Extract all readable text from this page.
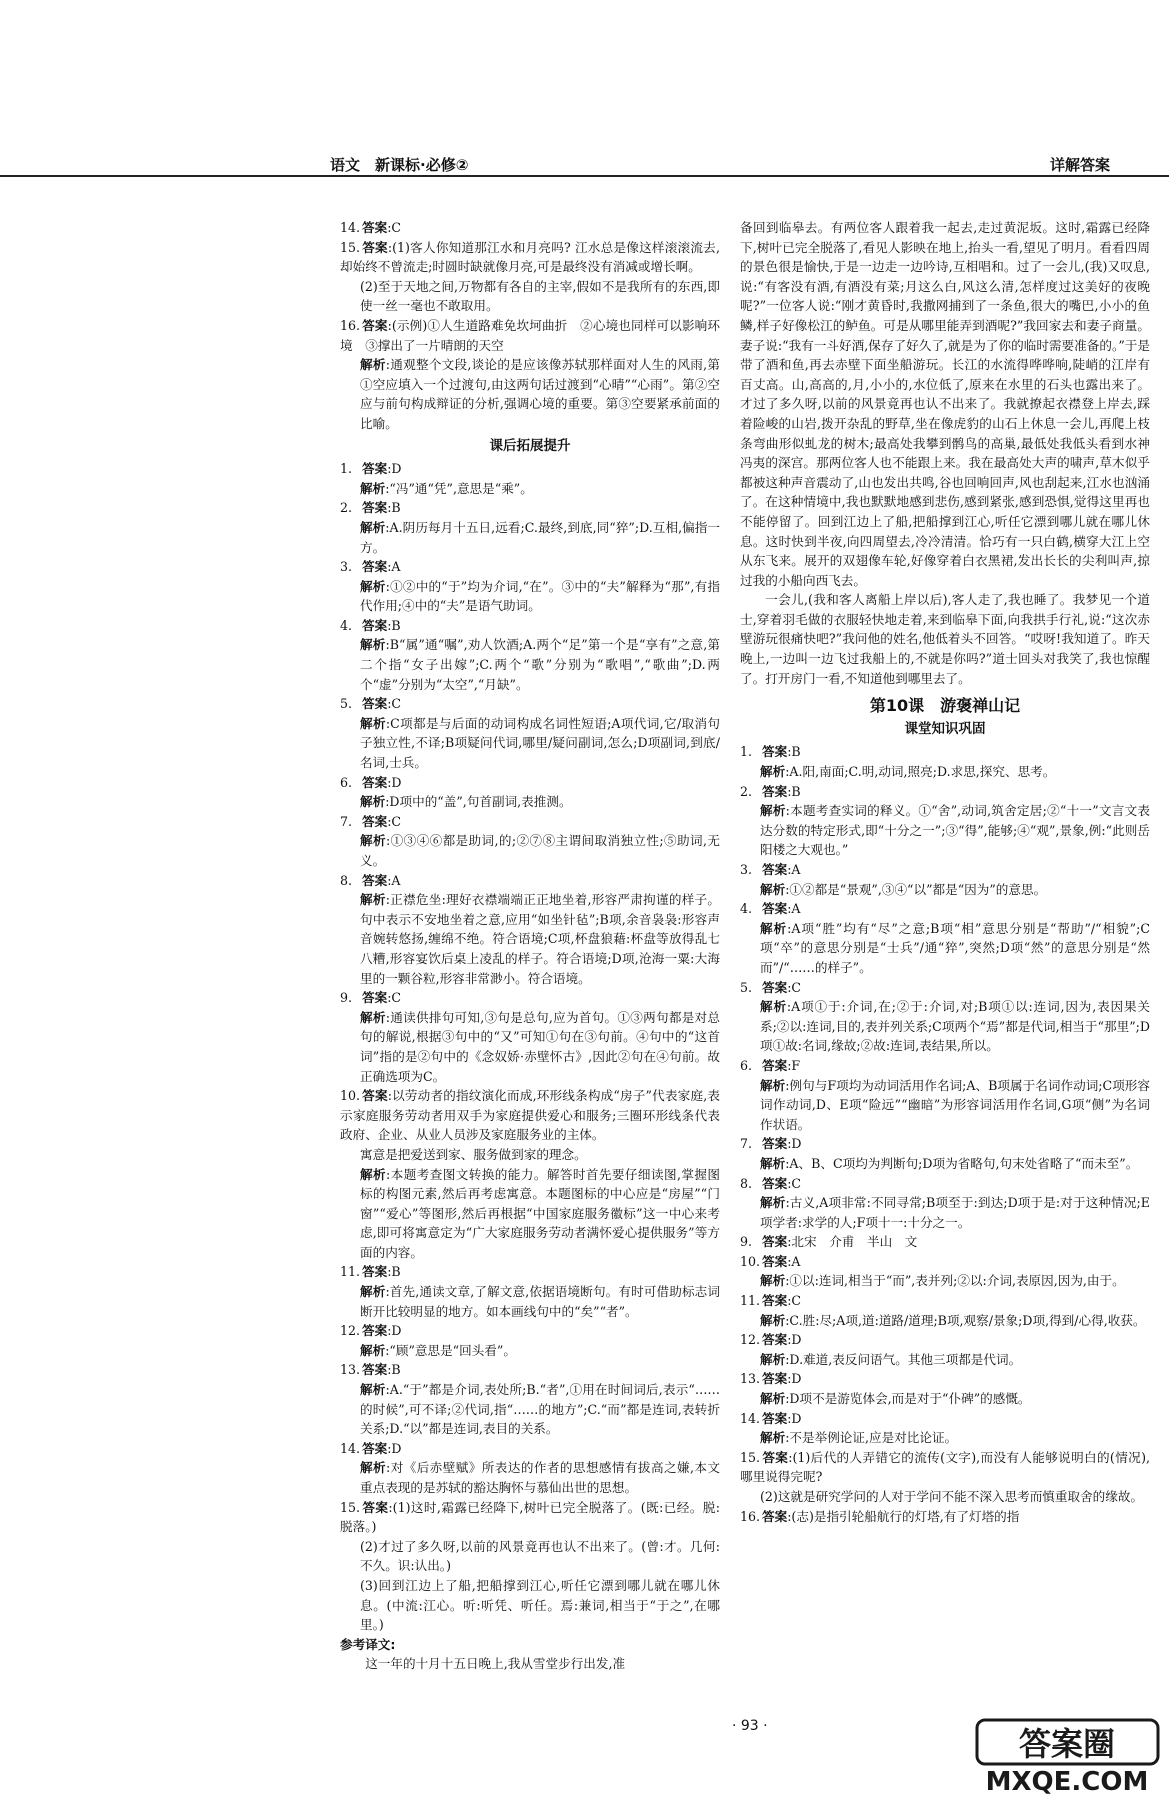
语文　新课标·必修②	详解答案

14. 答案:C

15. 答案:(1)客人你知道那江水和月亮吗? 江水总是像这样滚滚流去,却始终不曾流走;时圆时缺就像月亮,可是最终没有消减或增长啊。

(2)至于天地之间,万物都有各自的主宰,假如不是我所有的东西,即使一丝一毫也不敢取用。

16. 答案:(示例)①人生道路难免坎坷曲折　②心境也同样可以影响环境　③撑出了一片晴朗的天空

解析:通观整个文段,谈论的是应该像苏轼那样面对人生的风雨,第①空应填入一个过渡句,由这两句话过渡到“心晴”“心雨”。第②空应与前句构成辩证的分析,强调心境的重要。第③空要紧承前面的比喻。

课后拓展提升

1. 答案:D

解析:“冯”通“凭”,意思是“乘”。

2. 答案:B

解析:A.阴历每月十五日,远看;C.最终,到底,同“猝”;D.互相,偏指一方。

3. 答案:A

解析:①②中的“于”均为介词,“在”。③中的“夫”解释为“那”,有指代作用;④中的“夫”是语气助词。

4. 答案:B

解析:B“属”通“嘱”,劝人饮酒;A.两个“足”第一个是“享有”之意,第二个指“女子出嫁”;C.两个“歌”分别为“歌唱”,“歌曲”;D.两个“虚”分别为“太空”,“月缺”。

5. 答案:C

解析:C项都是与后面的动词构成名词性短语;A项代词,它/取消句子独立性,不译;B项疑问代词,哪里/疑问副词,怎么;D项副词,到底/名词,士兵。

6. 答案:D

解析:D项中的“盖”,句首副词,表推测。

7. 答案:C

解析:①③④⑥都是助词,的;②⑦⑧主谓间取消独立性;⑤助词,无义。

8. 答案:A

解析:正襟危坐:理好衣襟端端正正地坐着,形容严肃拘谨的样子。句中表示不安地坐着之意,应用“如坐针毡”;B项,余音袅袅:形容声音婉转悠扬,缠绵不绝。符合语境;C项,杯盘狼藉:杯盘等放得乱七八糟,形容宴饮后桌上凌乱的样子。符合语境;D项,沧海一粟:大海里的一颗谷粒,形容非常渺小。符合语境。

9. 答案:C

解析:通读供排句可知,③句是总句,应为首句。①③两句都是对总句的解说,根据③句中的“又”可知①句在③句前。④句中的“这首词”指的是②句中的《念奴娇·赤壁怀古》,因此②句在④句前。故正确选项为C。

10. 答案:以劳动者的指纹演化而成,环形线条构成“房子”代表家庭,表示家庭服务劳动者用双手为家庭提供爱心和服务;三圈环形线条代表政府、企业、从业人员涉及家庭服务业的主体。

寓意是把爱送到家、服务做到家的理念。

解析:本题考查图文转换的能力。解答时首先要仔细读图,掌握图标的构图元素,然后再考虑寓意。本题图标的中心应是“房屋”“门窗”“爱心”等图形,然后再根据“中国家庭服务徽标”这一中心来考虑,即可将寓意定为“广大家庭服务劳动者满怀爱心提供服务”等方面的内容。

11. 答案:B

解析:首先,通读文章,了解文意,依据语境断句。有时可借助标志词断开比较明显的地方。如本画线句中的“矣”“者”。

12. 答案:D

解析:“顾”意思是“回头看”。

13. 答案:B

解析:A.“于”都是介词,表处所;B.“者”,①用在时间词后,表示“……的时候”,可不译;②代词,指“……的地方”;C.“而”都是连词,表转折关系;D.“以”都是连词,表目的关系。

14. 答案:D

解析:对《后赤壁赋》所表达的作者的思想感情有拔高之嫌,本文重点表现的是苏轼的豁达胸怀与慕仙出世的思想。

15. 答案:(1)这时,霜露已经降下,树叶已完全脱落了。(既:已经。脱:脱落。)

(2)才过了多久呀,以前的风景竟再也认不出来了。(曾:才。几何:不久。识:认出。)

(3)回到江边上了船,把船撑到江心,听任它漂到哪儿就在哪儿休息。(中流:江心。听:听凭、听任。焉:兼词,相当于“于之”,在哪里。)

参考译文:

这一年的十月十五日晚上,我从雪堂步行出发,准

备回到临皋去。有两位客人跟着我一起去,走过黄泥坂。这时,霜露已经降下,树叶已完全脱落了,看见人影映在地上,抬头一看,望见了明月。看看四周的景色很是愉快,于是一边走一边吟诗,互相唱和。过了一会儿,(我)又叹息,说:“有客没有酒,有酒没有菜;月这么白,风这么清,怎样度过这美好的夜晚呢?”一位客人说:“刚才黄昏时,我撒网捕到了一条鱼,很大的嘴巴,小小的鱼鳞,样子好像松江的鲈鱼。可是从哪里能弄到酒呢?”我回家去和妻子商量。妻子说:“我有一斗好酒,保存了好久了,就是为了你的临时需要准备的。”于是带了酒和鱼,再去赤壁下面坐船游玩。长江的水流得哗哗响,陡峭的江岸有百丈高。山,高高的,月,小小的,水位低了,原来在水里的石头也露出来了。才过了多久呀,以前的风景竟再也认不出来了。我就撩起衣襟登上岸去,踩着险峻的山岩,拨开杂乱的野草,坐在像虎豹的山石上休息一会儿,再爬上枝条弯曲形似虬龙的树木;最高处我攀到鹘鸟的高巢,最低处我低头看到水神冯夷的深宫。那两位客人也不能跟上来。我在最高处大声的啸声,草木似乎都被这种声音震动了,山也发出共鸣,谷也回响回声,风也刮起来,江水也汹涌了。在这种情境中,我也默默地感到悲伤,感到紧张,感到恐惧,觉得这里再也不能停留了。回到江边上了船,把船撑到江心,听任它漂到哪儿就在哪儿休息。这时快到半夜,向四周望去,冷冷清清。恰巧有一只白鹤,横穿大江上空从东飞来。展开的双翅像车轮,好像穿着白衣黑裙,发出长长的尖利叫声,掠过我的小船向西飞去。

一会儿,(我和客人离船上岸以后),客人走了,我也睡了。我梦见一个道士,穿着羽毛做的衣服轻快地走着,来到临皋下面,向我拱手行礼,说:“这次赤壁游玩很痛快吧?”我问他的姓名,他低着头不回答。“哎呀!我知道了。昨天晚上,一边叫一边飞过我船上的,不就是你吗?”道士回头对我笑了,我也惊醒了。打开房门一看,不知道他到哪里去了。

第10课　游褒禅山记
课堂知识巩固

1. 答案:B

解析:A.阳,南面;C.明,动词,照亮;D.求思,探究、思考。

2. 答案:B

解析:本题考查实词的释义。①“舍”,动词,筑舍定居;②“十一”文言文表达分数的特定形式,即“十分之一”;③“得”,能够;④“观”,景象,例:“此则岳阳楼之大观也。”

3. 答案:A

解析:①②都是“景观”,③④“以”都是“因为”的意思。

4. 答案:A

解析:A项“胜”均有“尽”之意;B项“相”意思分别是“帮助”/“相貌”;C项“卒”的意思分别是“士兵”/通“猝”,突然;D项“然”的意思分别是“然而”/“……的样子”。

5. 答案:C

解析:A项①于:介词,在;②于:介词,对;B项①以:连词,因为,表因果关系;②以:连词,目的,表并列关系;C项两个“焉”都是代词,相当于“那里”;D项①故:名词,缘故;②故:连词,表结果,所以。

6. 答案:F

解析:例句与F项均为动词活用作名词;A、B项属于名词作动词;C项形容词作动词,D、E项“险远”“幽暗”为形容词活用作名词,G项“侧”为名词作状语。

7. 答案:D

解析:A、B、C项均为判断句;D项为省略句,句末处省略了“而未至”。

8. 答案:C

解析:古义,A项非常:不同寻常;B项至于:到达;D项于是:对于这种情况;E项学者:求学的人;F项十一:十分之一。

9. 答案:北宋　介甫　半山　文

10. 答案:A

解析:①以:连词,相当于“而”,表并列;②以:介词,表原因,因为,由于。

11. 答案:C

解析:C.胜:尽;A项,道:道路/道理;B项,观察/景象;D项,得到/心得,收获。

12. 答案:D

解析:D.难道,表反问语气。其他三项都是代词。

13. 答案:D

解析:D项不是游览体会,而是对于“仆碑”的感慨。

14. 答案:D

解析:不是举例论证,应是对比论证。

15. 答案:(1)后代的人弄错它的流传(文字),而没有人能够说明白的(情况),哪里说得完呢?

(2)这就是研究学问的人对于学问不能不深入思考而慎重取舍的缘故。

16. 答案:(志)是指引轮船航行的灯塔,有了灯塔的指

· 93 ·	答案圈
MXQE.COM
